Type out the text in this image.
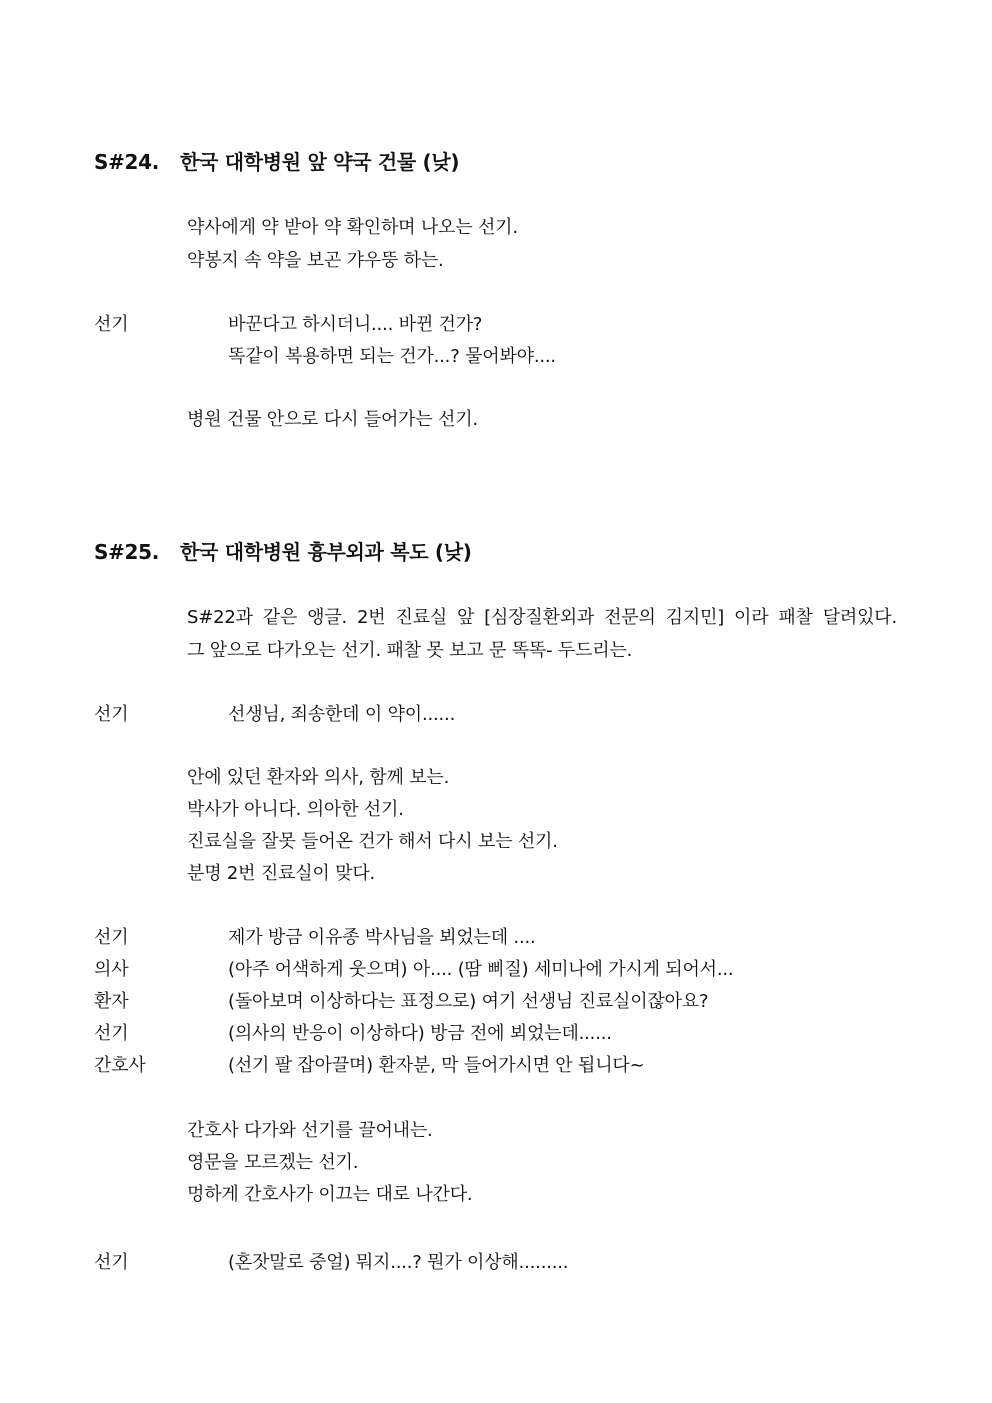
S#24. 한국 대학병원 앞 약국 건물 (낮)
약사에게 약 받아 약 확인하며 나오는 선기.
약봉지 속 약을 보곤 갸우뚱 하는.
선기	바꾼다고 하시더니.... 바뀐 건가?
똑같이 복용하면 되는 건가...? 물어봐야....
병원 건물 안으로 다시 들어가는 선기.
S#25. 한국 대학병원 흉부외과 복도 (낮)
S#22과 같은 앵글. 2번 진료실 앞 [심장질환외과 전문의 김지민] 이라 패찰 달려있다.
그 앞으로 다가오는 선기. 패찰 못 보고 문 똑똑- 두드리는.
선기	선생님, 죄송한데 이 약이......
안에 있던 환자와 의사, 함께 보는.
박사가 아니다. 의아한 선기.
진료실을 잘못 들어온 건가 해서 다시 보는 선기.
분명 2번 진료실이 맞다.
선기	제가 방금 이유종 박사님을 뵈었는데 ....
의사	(아주 어색하게 웃으며) 아.... (땀 삐질) 세미나에 가시게 되어서...
환자	(돌아보며 이상하다는 표정으로) 여기 선생님 진료실이잖아요?
선기	(의사의 반응이 이상하다) 방금 전에 뵈었는데......
간호사	(선기 팔 잡아끌며) 환자분, 막 들어가시면 안 됩니다~
간호사 다가와 선기를 끌어내는.
영문을 모르겠는 선기.
멍하게 간호사가 이끄는 대로 나간다.
선기	(혼잣말로 중얼) 뭐지....? 뭔가 이상해.........
